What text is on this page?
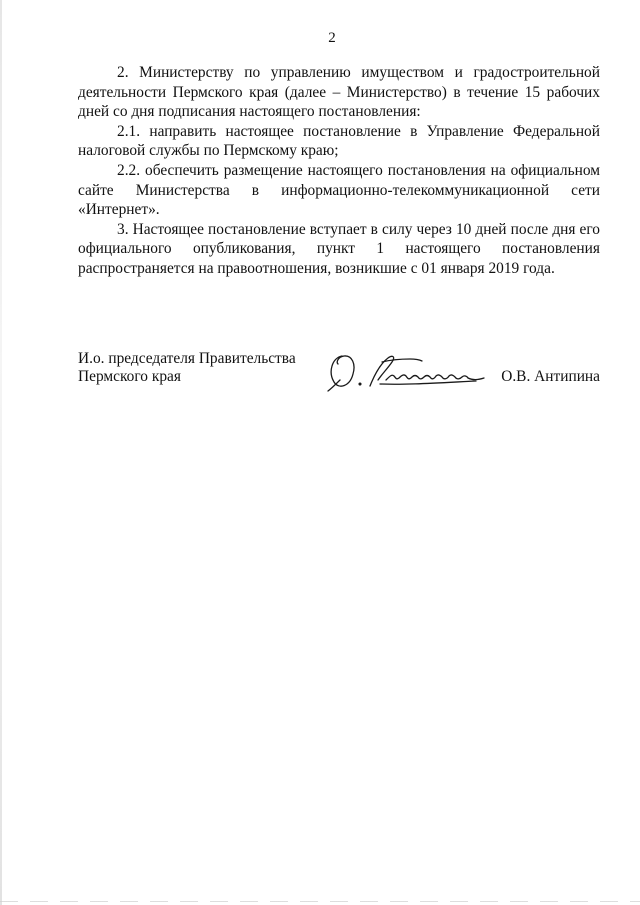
2

2. Министерству по управлению имуществом и градостроительной деятельности Пермского края (далее – Министерство) в течение 15 рабочих дней со дня подписания настоящего постановления:

2.1. направить настоящее постановление в Управление Федеральной налоговой службы по Пермскому краю;

2.2. обеспечить размещение настоящего постановления на официальном сайте Министерства в информационно-телекоммуникационной сети «Интернет».

3. Настоящее постановление вступает в силу через 10 дней после дня его официального опубликования, пункт 1 настоящего постановления распространяется на правоотношения, возникшие с 01 января 2019 года.

И.о. председателя Правительства
Пермского края	О.В. Антипина
